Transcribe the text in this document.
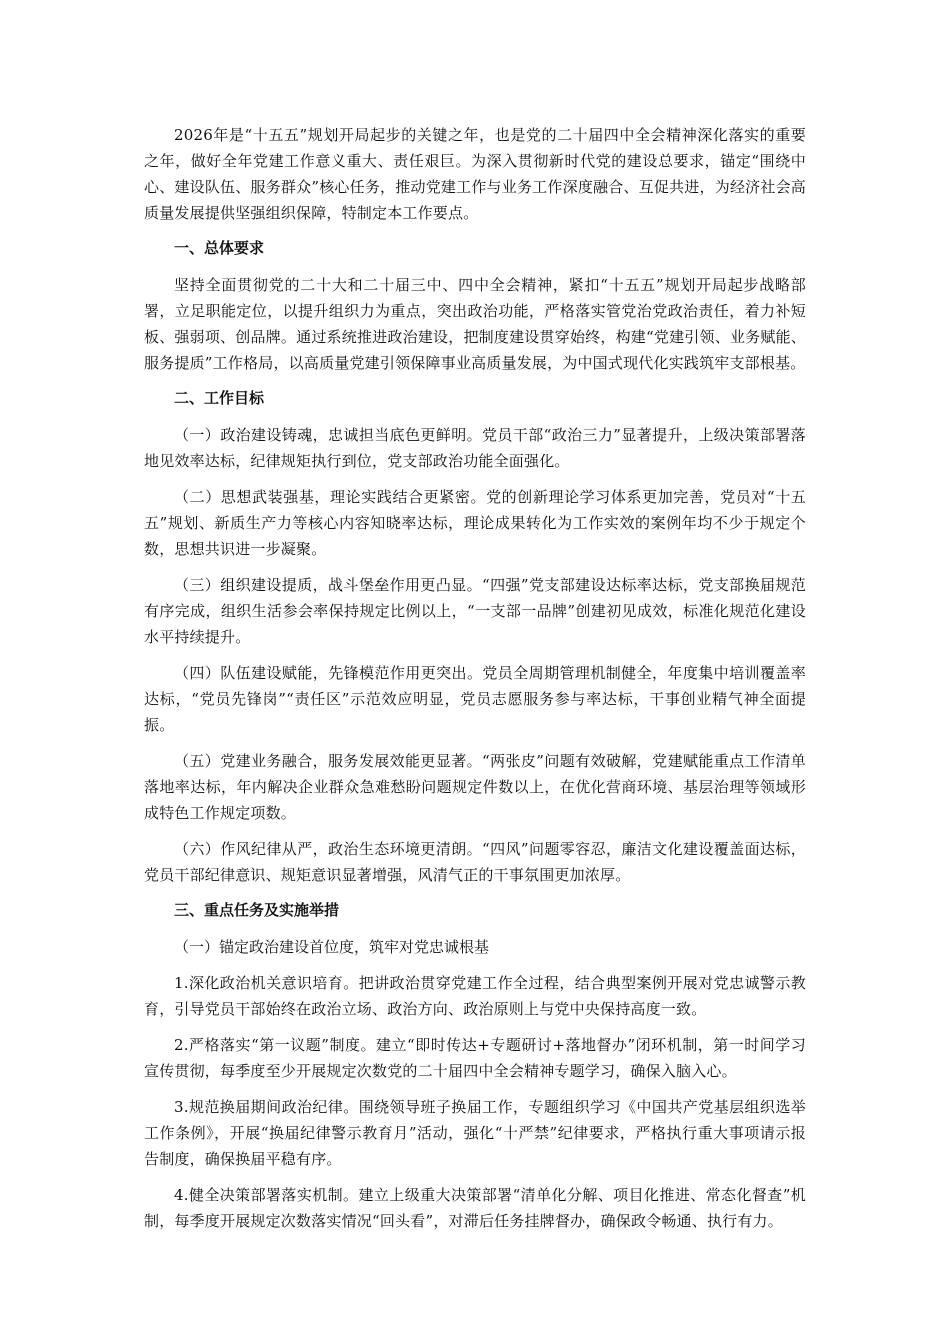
2026年是“十五五”规划开局起步的关键之年，也是党的二十届四中全会精神深化落实的重要之年，做好全年党建工作意义重大、责任艰巨。为深入贯彻新时代党的建设总要求，锚定“围绕中心、建设队伍、服务群众”核心任务，推动党建工作与业务工作深度融合、互促共进，为经济社会高质量发展提供坚强组织保障，特制定本工作要点。

一、总体要求

坚持全面贯彻党的二十大和二十届三中、四中全会精神，紧扣“十五五”规划开局起步战略部署，立足职能定位，以提升组织力为重点，突出政治功能，严格落实管党治党政治责任，着力补短板、强弱项、创品牌。通过系统推进政治建设，把制度建设贯穿始终，构建“党建引领、业务赋能、服务提质”工作格局，以高质量党建引领保障事业高质量发展，为中国式现代化实践筑牢支部根基。

二、工作目标

（一）政治建设铸魂，忠诚担当底色更鲜明。党员干部“政治三力”显著提升，上级决策部署落地见效率达标，纪律规矩执行到位，党支部政治功能全面强化。

（二）思想武装强基，理论实践结合更紧密。党的创新理论学习体系更加完善，党员对“十五五”规划、新质生产力等核心内容知晓率达标，理论成果转化为工作实效的案例年均不少于规定个数，思想共识进一步凝聚。

（三）组织建设提质，战斗堡垒作用更凸显。“四强”党支部建设达标率达标，党支部换届规范有序完成，组织生活参会率保持规定比例以上，“一支部一品牌”创建初见成效，标准化规范化建设水平持续提升。

（四）队伍建设赋能，先锋模范作用更突出。党员全周期管理机制健全，年度集中培训覆盖率达标，“党员先锋岗”“责任区”示范效应明显，党员志愿服务参与率达标，干事创业精气神全面提振。

（五）党建业务融合，服务发展效能更显著。“两张皮”问题有效破解，党建赋能重点工作清单落地率达标，年内解决企业群众急难愁盼问题规定件数以上，在优化营商环境、基层治理等领域形成特色工作规定项数。

（六）作风纪律从严，政治生态环境更清朗。“四风”问题零容忍，廉洁文化建设覆盖面达标，党员干部纪律意识、规矩意识显著增强，风清气正的干事氛围更加浓厚。

三、重点任务及实施举措

（一）锚定政治建设首位度，筑牢对党忠诚根基

1.深化政治机关意识培育。把讲政治贯穿党建工作全过程，结合典型案例开展对党忠诚警示教育，引导党员干部始终在政治立场、政治方向、政治原则上与党中央保持高度一致。

2.严格落实“第一议题”制度。建立“即时传达+专题研讨+落地督办”闭环机制，第一时间学习宣传贯彻，每季度至少开展规定次数党的二十届四中全会精神专题学习，确保入脑入心。

3.规范换届期间政治纪律。围绕领导班子换届工作，专题组织学习《中国共产党基层组织选举工作条例》，开展“换届纪律警示教育月”活动，强化“十严禁”纪律要求，严格执行重大事项请示报告制度，确保换届平稳有序。

4.健全决策部署落实机制。建立上级重大决策部署“清单化分解、项目化推进、常态化督查”机制，每季度开展规定次数落实情况“回头看”，对滞后任务挂牌督办，确保政令畅通、执行有力。
